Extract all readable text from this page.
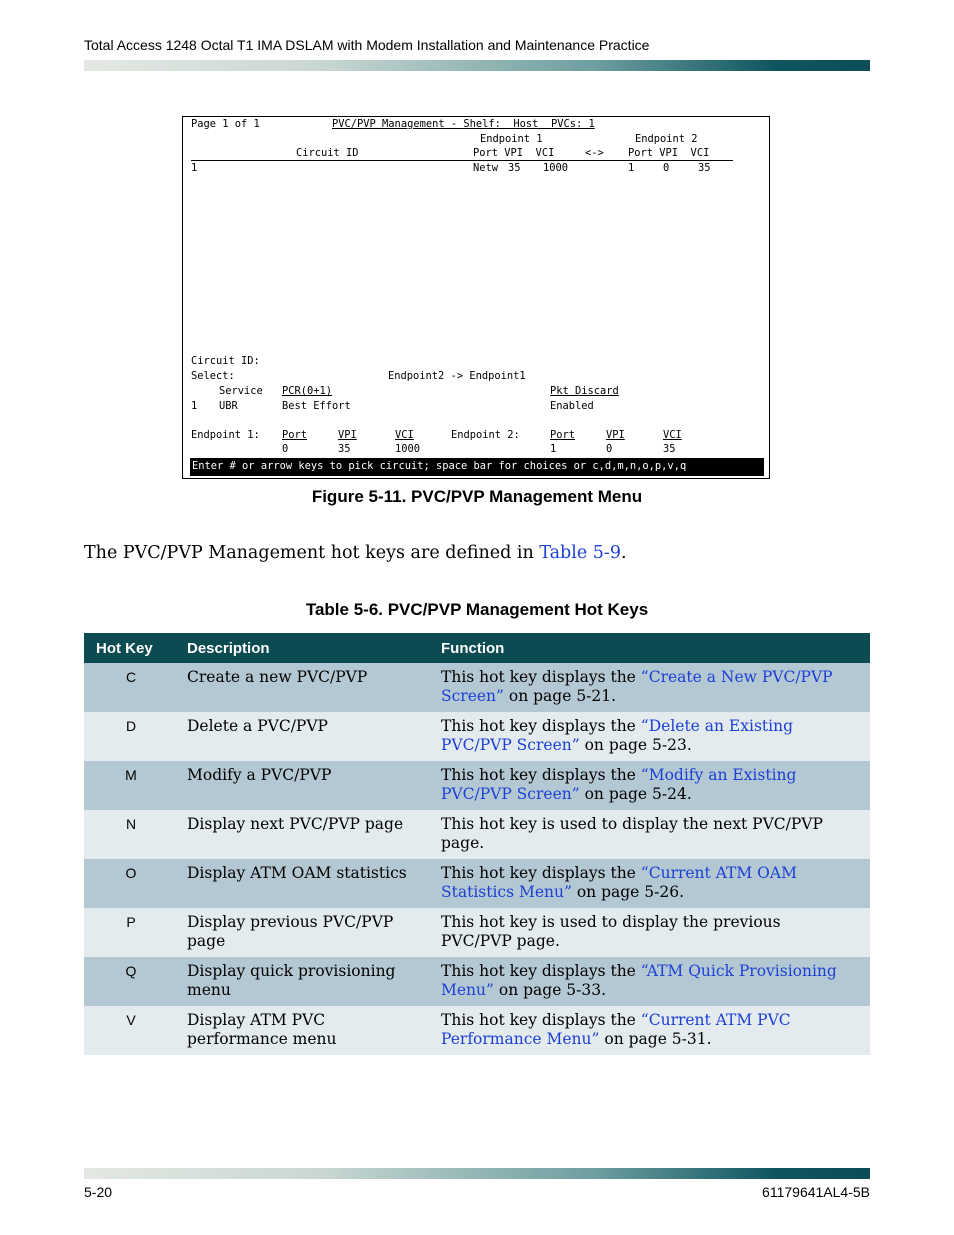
Total Access 1248 Octal T1 IMA DSLAM with Modem Installation and Maintenance Practice
Page 1 of 1	PVC/PVP Management - Shelf:  Host  PVCs: 1
Endpoint 1	Endpoint 2
Circuit ID	Port VPI  VCI	<-> Port VPI  VCI
1	Netw 35 1000	1	0	35
Circuit ID:
Select:	Endpoint2 -> Endpoint1
Service PCR(0+1)	Pkt Discard
1 UBR	Best Effort	Enabled
Endpoint 1: Port	VPI	VCI	Endpoint 2:	Port	VPI	VCI
0	35	1000	1	0	35
Enter # or arrow keys to pick circuit; space bar for choices or c,d,m,n,o,p,v,q
Figure 5-11. PVC/PVP Management Menu
The PVC/PVP Management hot keys are defined in Table 5-9.
Table 5-6. PVC/PVP Management Hot Keys
Hot Key	Description	Function
C	Create a new PVC/PVP	This hot key displays the “Create a New PVC/PVP Screen” on page 5-21.
D	Delete a PVC/PVP	This hot key displays the “Delete an Existing PVC/PVP Screen” on page 5-23.
M	Modify a PVC/PVP	This hot key displays the “Modify an Existing PVC/PVP Screen” on page 5-24.
N	Display next PVC/PVP page	This hot key is used to display the next PVC/PVP page.
O	Display ATM OAM statistics	This hot key displays the “Current ATM OAM Statistics Menu” on page 5-26.
P	Display previous PVC/PVP page	This hot key is used to display the previous PVC/PVP page.
Q	Display quick provisioning menu	This hot key displays the “ATM Quick Provisioning Menu” on page 5-33.
V	Display ATM PVC performance menu	This hot key displays the “Current ATM PVC Performance Menu” on page 5-31.
5-20	61179641AL4-5B
